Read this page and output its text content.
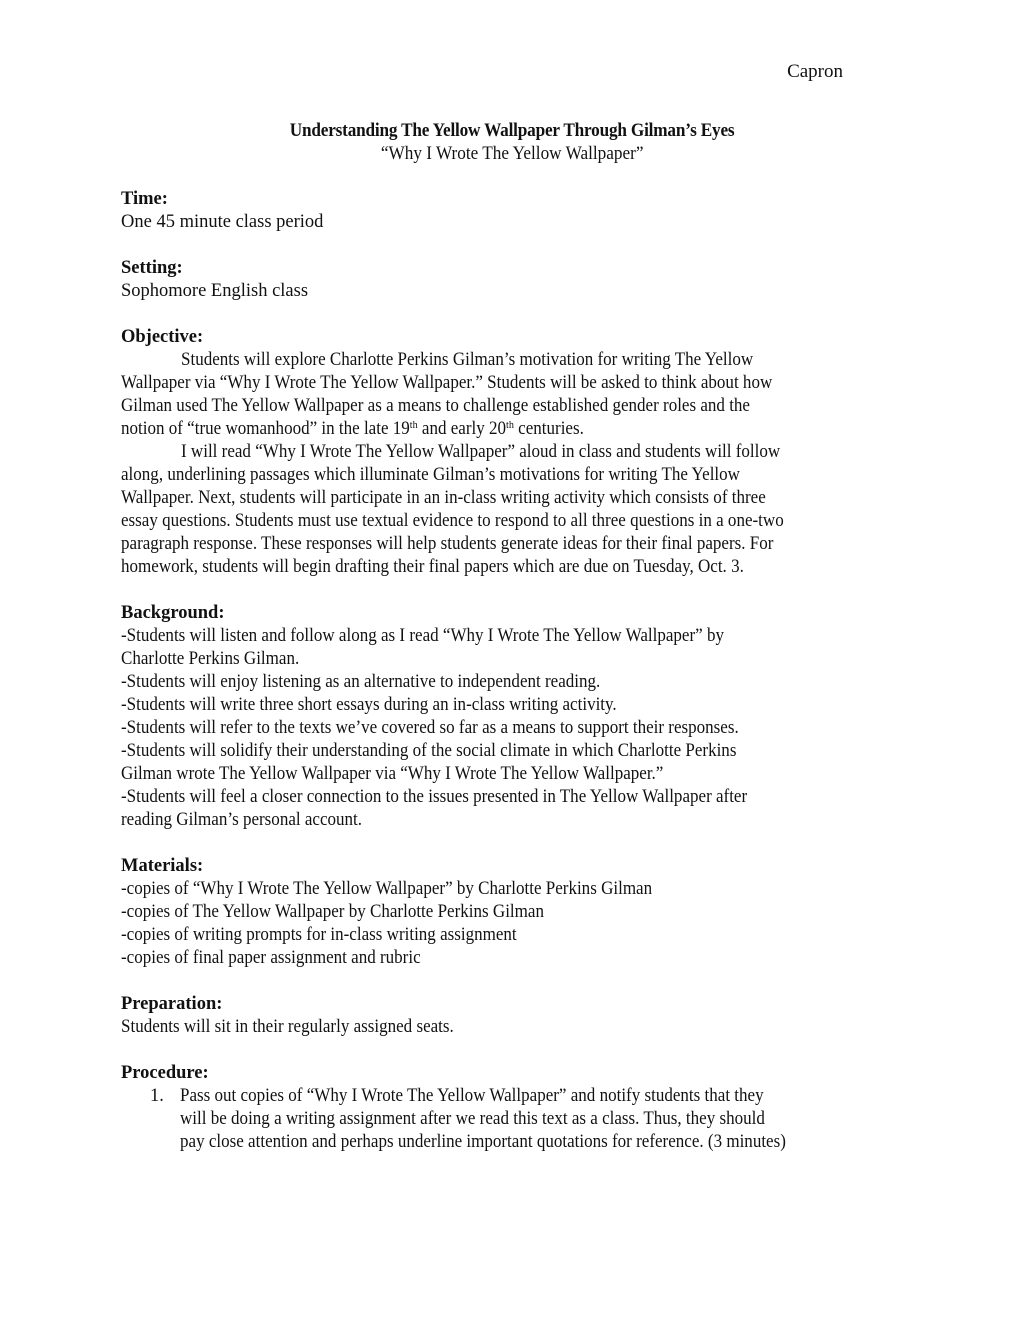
Capron
Understanding The Yellow Wallpaper Through Gilman’s Eyes
“Why I Wrote The Yellow Wallpaper”

Time:

One 45 minute class period

Setting:

Sophomore English class

Objective:

Students will explore Charlotte Perkins Gilman’s motivation for writing The Yellow

Wallpaper via “Why I Wrote The Yellow Wallpaper.” Students will be asked to think about how

Gilman used The Yellow Wallpaper as a means to challenge established gender roles and the

notion of “true womanhood” in the late 19th and early 20th centuries.

I will read “Why I Wrote The Yellow Wallpaper” aloud in class and students will follow

along, underlining passages which illuminate Gilman’s motivations for writing The Yellow

Wallpaper. Next, students will participate in an in-class writing activity which consists of three

essay questions. Students must use textual evidence to respond to all three questions in a one-two

paragraph response. These responses will help students generate ideas for their final papers. For

homework, students will begin drafting their final papers which are due on Tuesday, Oct. 3.

Background:

-Students will listen and follow along as I read “Why I Wrote The Yellow Wallpaper” by

Charlotte Perkins Gilman.

-Students will enjoy listening as an alternative to independent reading.

-Students will write three short essays during an in-class writing activity.

-Students will refer to the texts we’ve covered so far as a means to support their responses.

-Students will solidify their understanding of the social climate in which Charlotte Perkins

Gilman wrote The Yellow Wallpaper via “Why I Wrote The Yellow Wallpaper.”

-Students will feel a closer connection to the issues presented in The Yellow Wallpaper after

reading Gilman’s personal account.

Materials:

-copies of “Why I Wrote The Yellow Wallpaper” by Charlotte Perkins Gilman

-copies of The Yellow Wallpaper by Charlotte Perkins Gilman

-copies of writing prompts for in-class writing assignment

-copies of final paper assignment and rubric

Preparation:

Students will sit in their regularly assigned seats.

Procedure:

1. Pass out copies of “Why I Wrote The Yellow Wallpaper” and notify students that they

will be doing a writing assignment after we read this text as a class. Thus, they should

pay close attention and perhaps underline important quotations for reference. (3 minutes)
